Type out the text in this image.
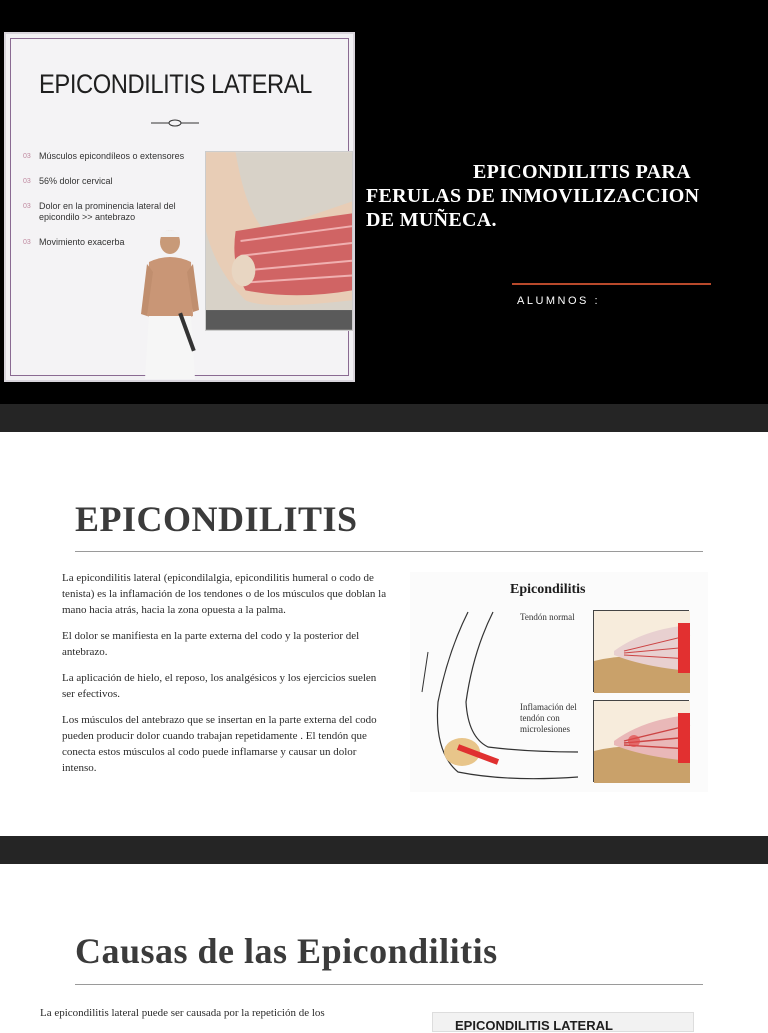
EPICONDILITIS LATERAL
03 Músculos epicondíleos o extensores
03 56% dolor cervical
03 Dolor en la prominencia lateral del epicondilo >> antebrazo
03 Movimiento exacerba
EPICONDILITIS PARA
FERULAS DE INMOVILIZACCION
DE MUÑECA.
ALUMNOS :
EPICONDILITIS

La epicondilitis lateral (epicondilalgia, epicondilitis humeral o codo de tenista) es la inflamación de los tendones o de los músculos que doblan la mano hacia atrás, hacia la zona opuesta a la palma.

El dolor se manifiesta en la parte externa del codo y la posterior del antebrazo.

La aplicación de hielo, el reposo, los analgésicos y los ejercicios suelen ser efectivos.

Los músculos del antebrazo que se insertan en la parte externa del codo pueden producir dolor cuando trabajan repetidamente . El tendón que conecta estos músculos al codo puede inflamarse y causar un dolor intenso.

Epicondilitis
Tendón normal
Inflamación del tendón con microlesiones
Causas de las Epicondilitis
La epicondilitis lateral puede ser causada por la repetición de los
EPICONDILITIS LATERAL
